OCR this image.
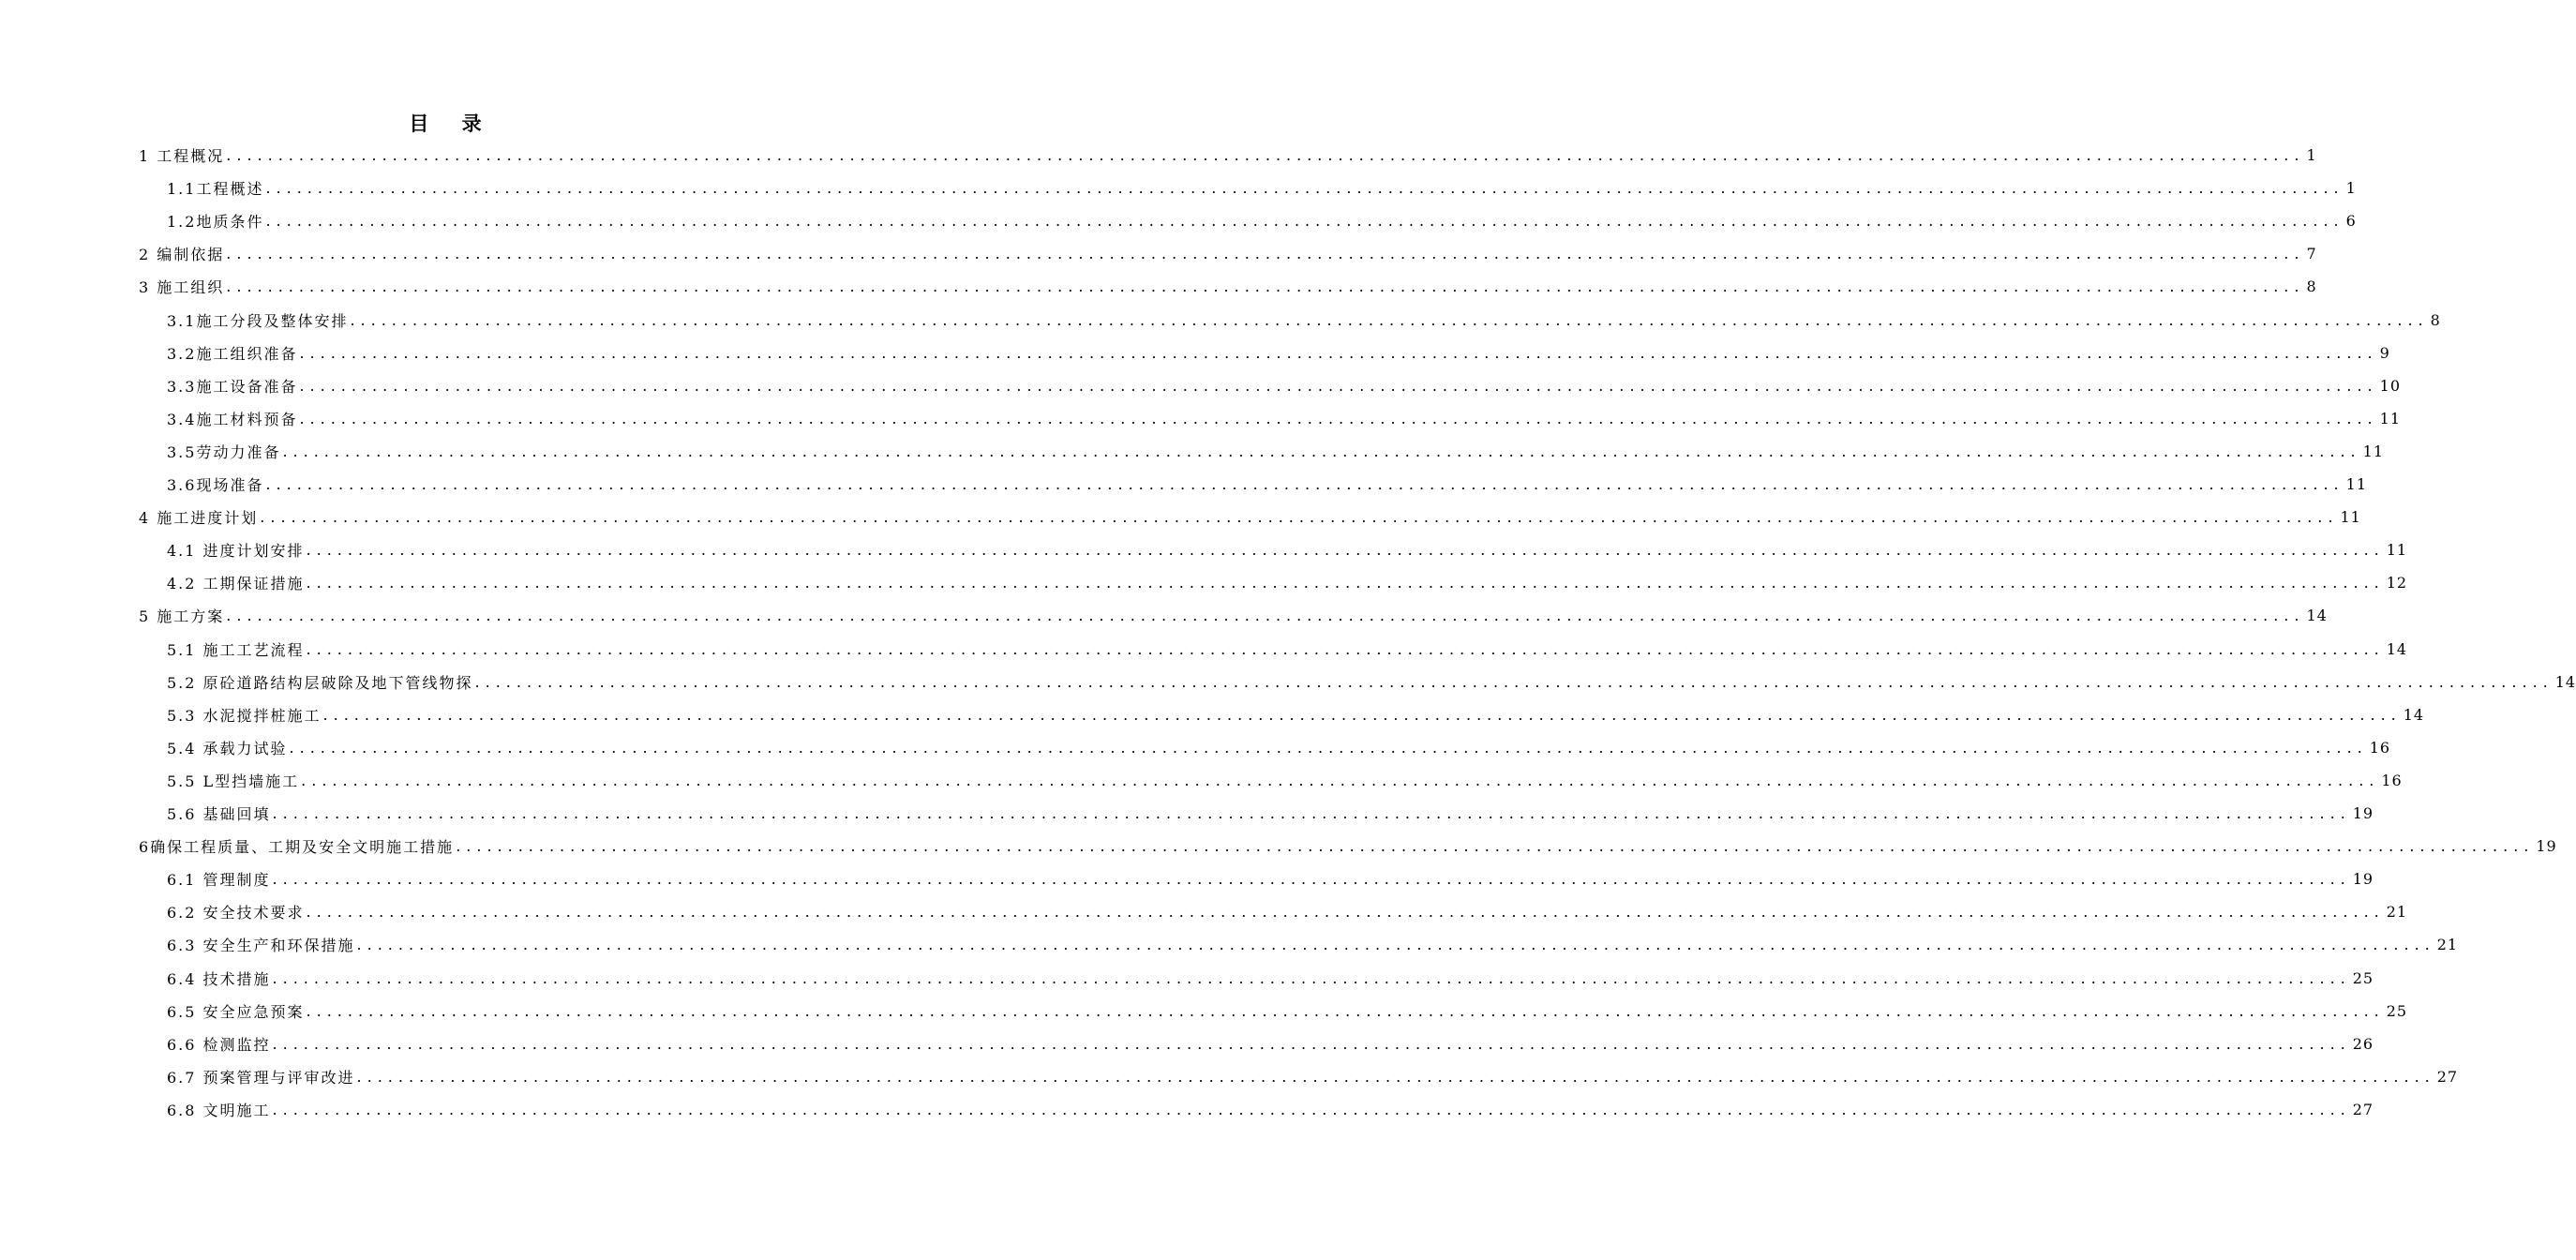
目 录
1 工程概况 ........................................................................................................................................................................................................ 1
1.1工程概述 ........................................................................................................................................................................................................ 1
1.2地质条件 ........................................................................................................................................................................................................ 6
2 编制依据 ........................................................................................................................................................................................................ 7
3 施工组织 ........................................................................................................................................................................................................ 8
3.1施工分段及整体安排 ........................................................................................................................................................................................................ 8
3.2施工组织准备 ........................................................................................................................................................................................................ 9
3.3施工设备准备 ........................................................................................................................................................................................................ 10
3.4施工材料预备 ........................................................................................................................................................................................................ 11
3.5劳动力准备 ........................................................................................................................................................................................................ 11
3.6现场准备 ........................................................................................................................................................................................................ 11
4 施工进度计划 ........................................................................................................................................................................................................ 11
4.1 进度计划安排 ........................................................................................................................................................................................................ 11
4.2 工期保证措施 ........................................................................................................................................................................................................ 12
5 施工方案 ........................................................................................................................................................................................................ 14
5.1 施工工艺流程 ........................................................................................................................................................................................................ 14
5.2 原砼道路结构层破除及地下管线物探 ........................................................................................................................................................................................................ 14
5.3 水泥搅拌桩施工 ........................................................................................................................................................................................................ 14
5.4 承载力试验 ........................................................................................................................................................................................................ 16
5.5 L型挡墙施工 ........................................................................................................................................................................................................ 16
5.6 基础回填 ........................................................................................................................................................................................................ 19
6确保工程质量、工期及安全文明施工措施 ........................................................................................................................................................................................................ 19
6.1 管理制度 ........................................................................................................................................................................................................ 19
6.2 安全技术要求 ........................................................................................................................................................................................................ 21
6.3 安全生产和环保措施 ........................................................................................................................................................................................................ 21
6.4 技术措施 ........................................................................................................................................................................................................ 25
6.5 安全应急预案 ........................................................................................................................................................................................................ 25
6.6 检测监控 ........................................................................................................................................................................................................ 26
6.7 预案管理与评审改进 ........................................................................................................................................................................................................ 27
6.8 文明施工 ........................................................................................................................................................................................................ 27
